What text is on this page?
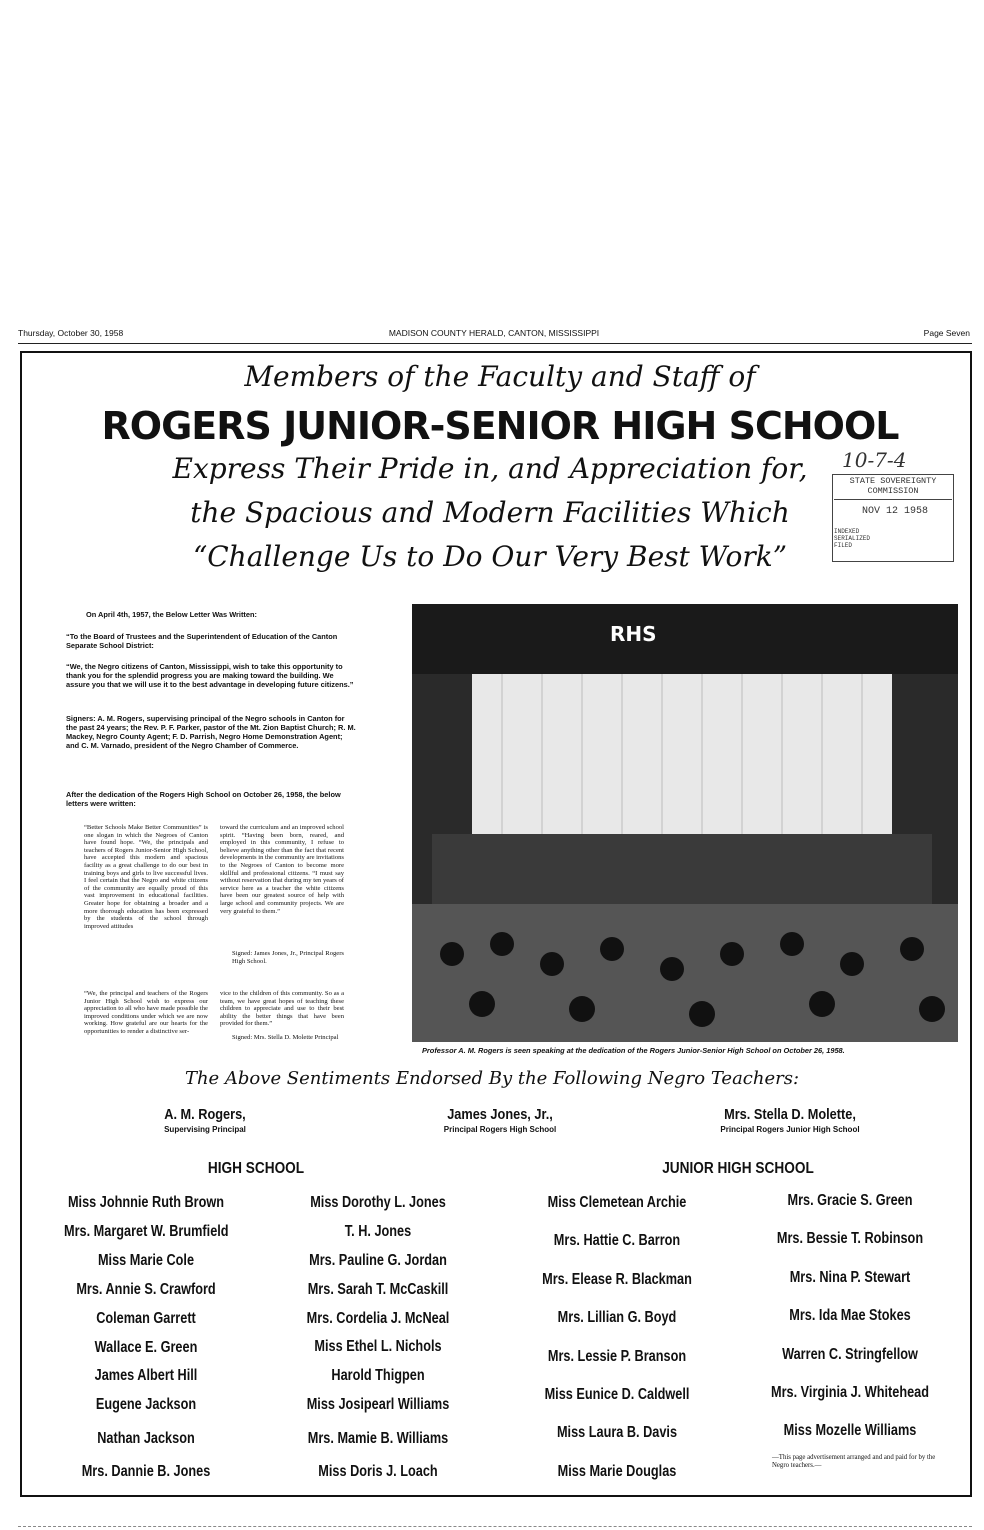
Thursday, October 30, 1958	MADISON COUNTY HERALD, CANTON, MISSISSIPPI	Page Seven
Members of the Faculty and Staff of
ROGERS JUNIOR-SENIOR HIGH SCHOOL
Express Their Pride in, and Appreciation for,
the Spacious and Modern Facilities Which
“Challenge Us to Do Our Very Best Work”
10-7-4
STATE SOVEREIGNTY COMMISSION
NOV 12 1958
INDEXED
SERIALIZED
FILED
On April 4th, 1957, the Below Letter Was Written:
“To the Board of Trustees and the Superintendent of Education of the Canton Separate School District:
“We, the Negro citizens of Canton, Mississippi, wish to take this opportunity to thank you for the splendid progress you are making toward the building. We assure you that we will use it to the best advantage in developing future citizens.”
Signers: A. M. Rogers, supervising principal of the Negro schools in Canton for the past 24 years; the Rev. P. F. Parker, pastor of the Mt. Zion Baptist Church; R. M. Mackey, Negro County Agent; F. D. Parrish, Negro Home Demonstration Agent; and C. M. Varnado, president of the Negro Chamber of Commerce.
After the dedication of the Rogers High School on October 26, 1958, the below letters were written:
“Better Schools Make Better Communities” is one slogan in which the Negroes of Canton have found hope. “We, the principals and teachers of Rogers Junior-Senior High School, have accepted this modern and spacious facility as a great challenge to do our best in training boys and girls to live successful lives. I feel certain that the Negro and white citizens of the community are equally proud of this vast improvement in educational facilities. Greater hope for obtaining a broader and a more thorough education has been expressed by the students of the school through improved attitudes
toward the curriculum and an improved school spirit. “Having been born, reared, and employed in this community, I refuse to believe anything other than the fact that recent developments in the community are invitations to the Negroes of Canton to become more skillful and professional citizens. “I must say without reservation that during my ten years of service here as a teacher the white citizens have been our greatest source of help with large school and community projects. We are very grateful to them.”
Signed: James Jones, Jr., Principal Rogers High School.
“We, the principal and teachers of the Rogers Junior High School wish to express our appreciation to all who have made possible the improved conditions under which we are now working. How grateful are our hearts for the opportunities to render a distinctive ser-
vice to the children of this community. So as a team, we have great hopes of teaching these children to appreciate and use to their best ability the better things that have been provided for them.”
Signed: Mrs. Stella D. Molette Principal
RHS
Professor A. M. Rogers is seen speaking at the dedication of the Rogers Junior-Senior High School on October 26, 1958.
The Above Sentiments Endorsed By the Following Negro Teachers:
A. M. Rogers,
Supervising Principal
James Jones, Jr.,
Principal Rogers High School
Mrs. Stella D. Molette,
Principal Rogers Junior High School
HIGH SCHOOL
Miss Johnnie Ruth Brown
Mrs. Margaret W. Brumfield
Miss Marie Cole
Mrs. Annie S. Crawford
Coleman Garrett
Wallace E. Green
James Albert Hill
Eugene Jackson
Nathan Jackson
Mrs. Dannie B. Jones
Miss Dorothy L. Jones
T. H. Jones
Mrs. Pauline G. Jordan
Mrs. Sarah T. McCaskill
Mrs. Cordelia J. McNeal
Miss Ethel L. Nichols
Harold Thigpen
Miss Josipearl Williams
Mrs. Mamie B. Williams
Miss Doris J. Loach
JUNIOR HIGH SCHOOL
Miss Clemetean Archie
Mrs. Hattie C. Barron
Mrs. Elease R. Blackman
Mrs. Lillian G. Boyd
Mrs. Lessie P. Branson
Miss Eunice D. Caldwell
Miss Laura B. Davis
Miss Marie Douglas
Mrs. Gracie S. Green
Mrs. Bessie T. Robinson
Mrs. Nina P. Stewart
Mrs. Ida Mae Stokes
Warren C. Stringfellow
Mrs. Virginia J. Whitehead
Miss Mozelle Williams
—This page advertisement arranged and and paid for by the Negro teachers.—
